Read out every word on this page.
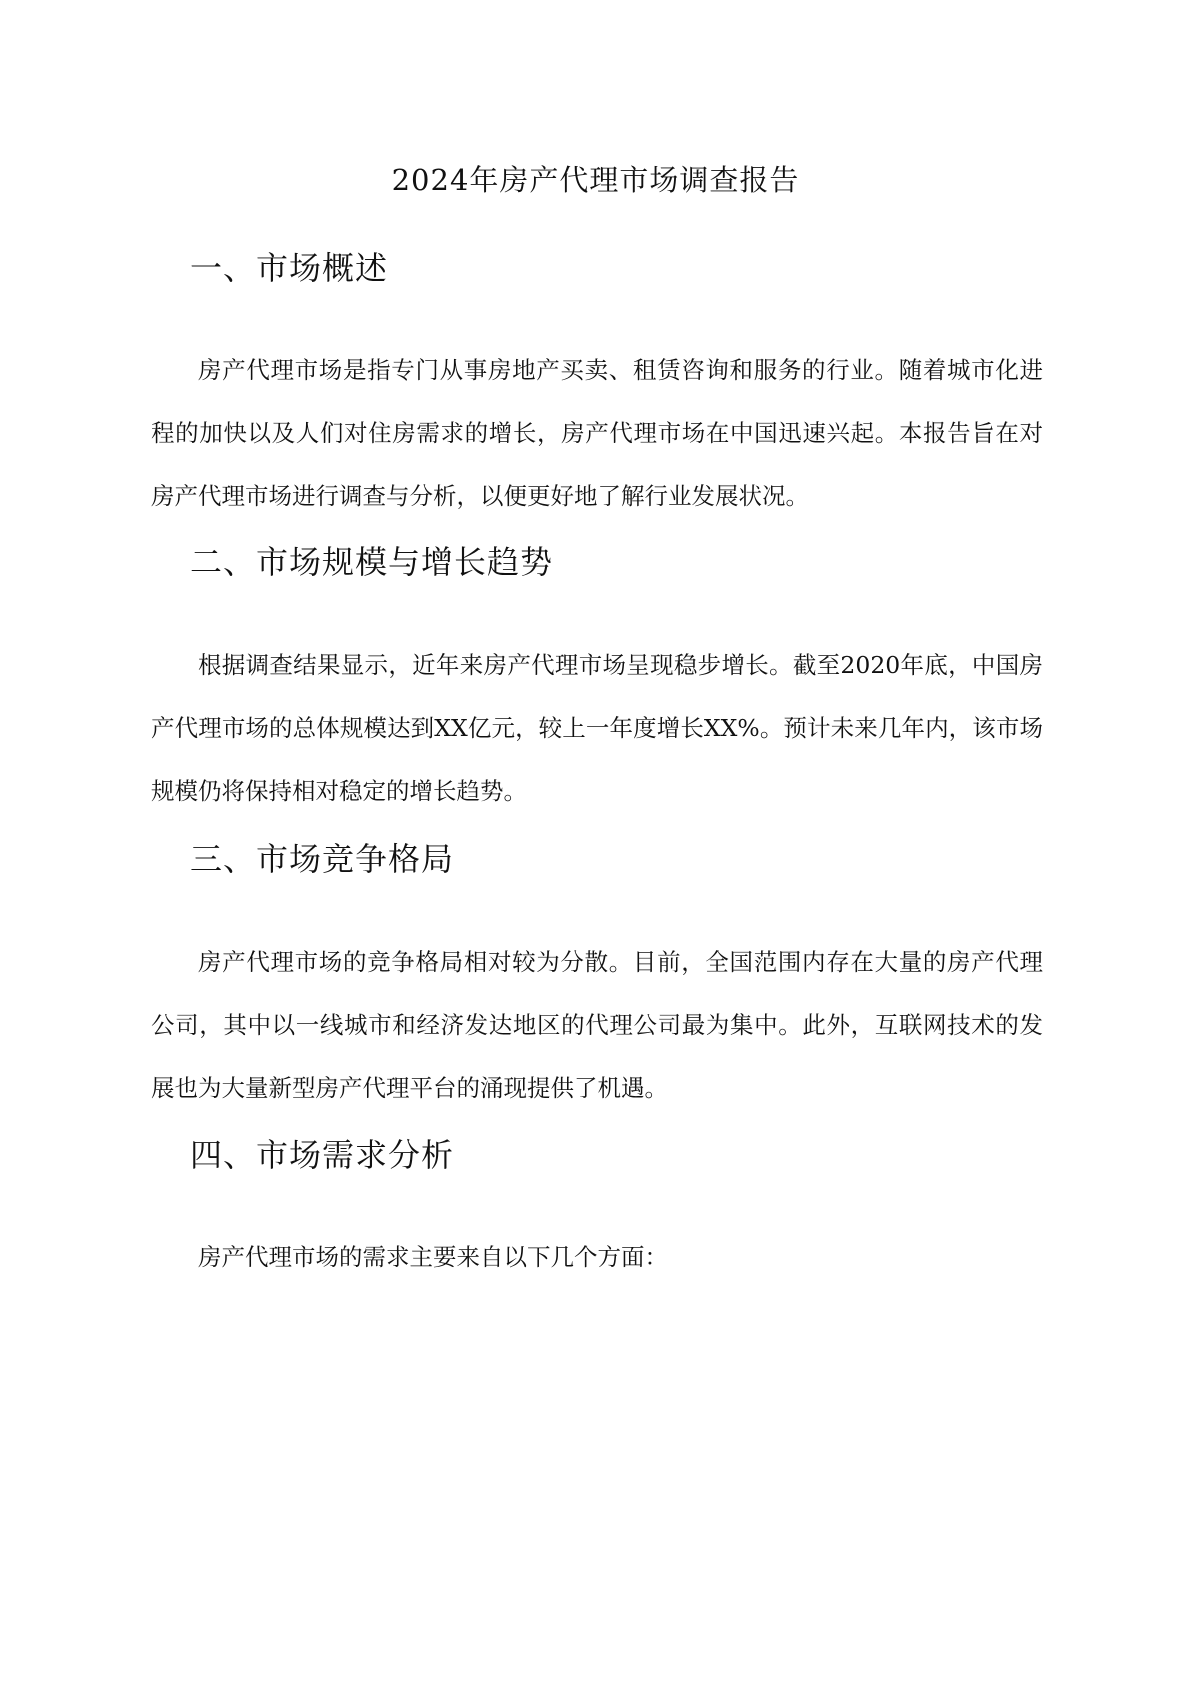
2024年房产代理市场调查报告
一、市场概述

房产代理市场是指专门从事房地产买卖、租赁咨询和服务的行业。随着城市化进程的加快以及人们对住房需求的增长，房产代理市场在中国迅速兴起。本报告旨在对房产代理市场进行调查与分析，以便更好地了解行业发展状况。

二、市场规模与增长趋势

根据调查结果显示，近年来房产代理市场呈现稳步增长。截至2020年底，中国房产代理市场的总体规模达到XX亿元，较上一年度增长XX%。预计未来几年内，该市场规模仍将保持相对稳定的增长趋势。

三、市场竞争格局

房产代理市场的竞争格局相对较为分散。目前，全国范围内存在大量的房产代理公司，其中以一线城市和经济发达地区的代理公司最为集中。此外，互联网技术的发展也为大量新型房产代理平台的涌现提供了机遇。

四、市场需求分析

房产代理市场的需求主要来自以下几个方面：
